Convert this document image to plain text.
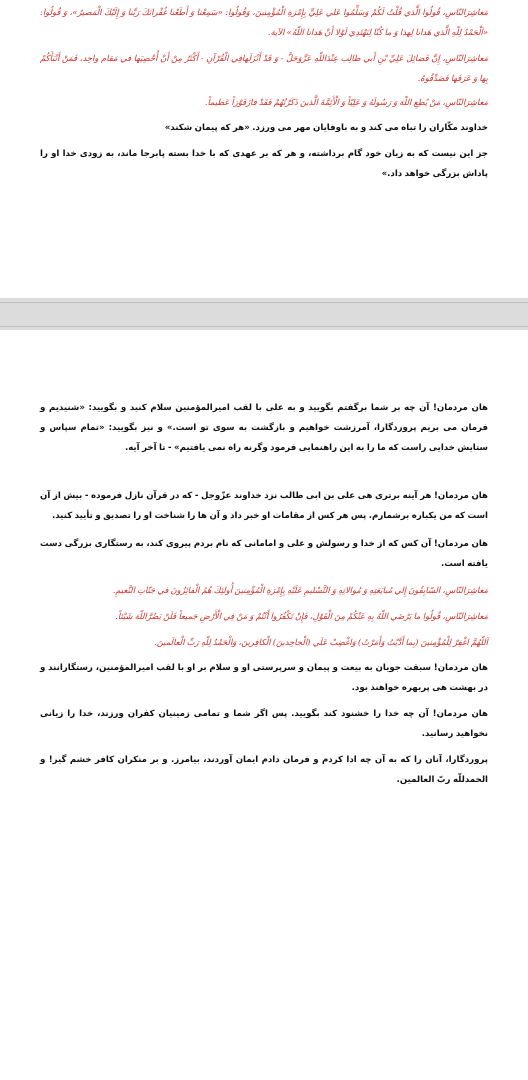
مَعاشِرَالنّاسِ، قُولُوا الَّذي قُلْتُ لَكُمْ وَسَلِّمُوا عَلي عَلِيٍّ بِإِمْرَةِ الْمُؤْمِنينَ، وَقُولُوا: «سَمِعْنا وَ أَطَعْنا غُفْرانَكَ رَبَّنا وَ إِلَيْكَ الْمَصيرُ»، وَ قُولُوا: «اَلْحَمْدُ لِلّهِ الَّذي هَدانا لِهذا وَ ما كُنّا لِنَهْتَدِيَ لَوْلا أَنْ هَدانا اللّهُ» الآية.

مَعاشِرَالنّاسِ، إِنَّ فَضائِلَ عَلِيِّ بْنِ أَبي طالِب عِنْدَاللّهِ عَزَّوَجَلَّ - وَ قَدْ أَنْزَلَهافِي الْقُرْآنِ - أَكْثَرُ مِنْ أَنْ أُحْصِيَها في مَقام واحِد، فَمَنْ أَنْبَأَكُمْ بِها وَ عَرَفَها فَصَدِّقُوهُ.

مَعاشِرَالنّاسِ، مَنْ يُطِعِ اللّهَ وَ رَسُولَهُ وَ عَلِيّاً وَ الْأَئِمَّةَ الَّذينَ ذَكَرْتُهُمْ فَقَدْ فازَفَوْزاً عَظيماً.

خداوند مکّاران را تباه می کند و به باوفایان مهر می ورزد. «هر که پیمان شکند»

جز این نیست که به زیان خود گام برداشته، و هر که بر عهدی که با خدا بسته پابرجا ماند، به زودی خدا او را پاداش بزرگی خواهد داد.»

هان مردمان! آن چه بر شما برگفتم بگویید و به علی با لقب امیرالمؤمنین سلام کنید و بگویید: «شنیدیم و فرمان می بریم پروردگارا، آمرزشت خواهیم و بازگشت به سوی تو است.» و نیز بگویید: «تمام سپاس و ستایش خدایی راست که ما را به این راهنمایی فرمود وگرنه راه نمی یافتیم» - تا آخر آیه.

هان مردمان! هر آینه برتری هی علی بن ابی طالب نزد خداوند عزّوجل - که در قرآن نازل فرموده - بیش از آن است که من یکباره برشمارم. پس هر کس از مقامات او خبر داد و آن ها را شناخت او را تصدیق و تأیید کنید.

هان مردمان! آن کس که از خدا و رسولش و علی و امامانی که نام بردم پیروی کند، به رستگاری بزرگی دست یافته است.

مَعاشِرَالنّاسِ، السّابِقُونَ إِلي مُبايَعَتِهِ وَ مُوالاتِهِ وَ التَّسْليمِ عَلَيْهِ بِإِمْرَةِ الْمُؤْمِنينَ أُولئِكَ هُمُ الْفائِزُونَ في جَنّاتِ النَّعيمِ.

مَعاشِرَالنّاسِ، قُولُوا ما يَرْضَي اللّهُ بِهِ عَنْكُمْ مِنَ الْقَوْلِ، فَإِنْ تَكْفُرُوا أَنْتُمْ وَ مَنْ فِي الْأَرْضِ جَميعاً فَلَنْ يَضُرَّاللّهَ شَيْئاً.

اَللّهُمَّ اغْفِرْ لِلْمُؤْمِنينَ (بِما أَدَّيْتُ وَأَمَرْتُ) وَاغْضِبْ عَلَي (الْجاحِدينَ) الْكافِرينَ، وَالْحَمْدُ لِلّهِ رَبِّ الْعالَمينَ.

هان مردمان! سبقت جویان به بیعت و پیمان و سرپرستی او و سلام بر او با لقب امیرالمؤمنین، رستگارانند و در بهشت هی پربهره خواهند بود.

هان مردمان! آن چه خدا را خشنود کند بگویید. پس اگر شما و تمامی زمینیان کفران ورزند، خدا را زیانی نخواهید رسانید.

پروردگارا، آنان را که به آن چه ادا کردم و فرمان دادم ایمان آوردند، بیامرز. و بر منکران کافر خشم گیر! و الحمدللّه ربّ العالمین.
